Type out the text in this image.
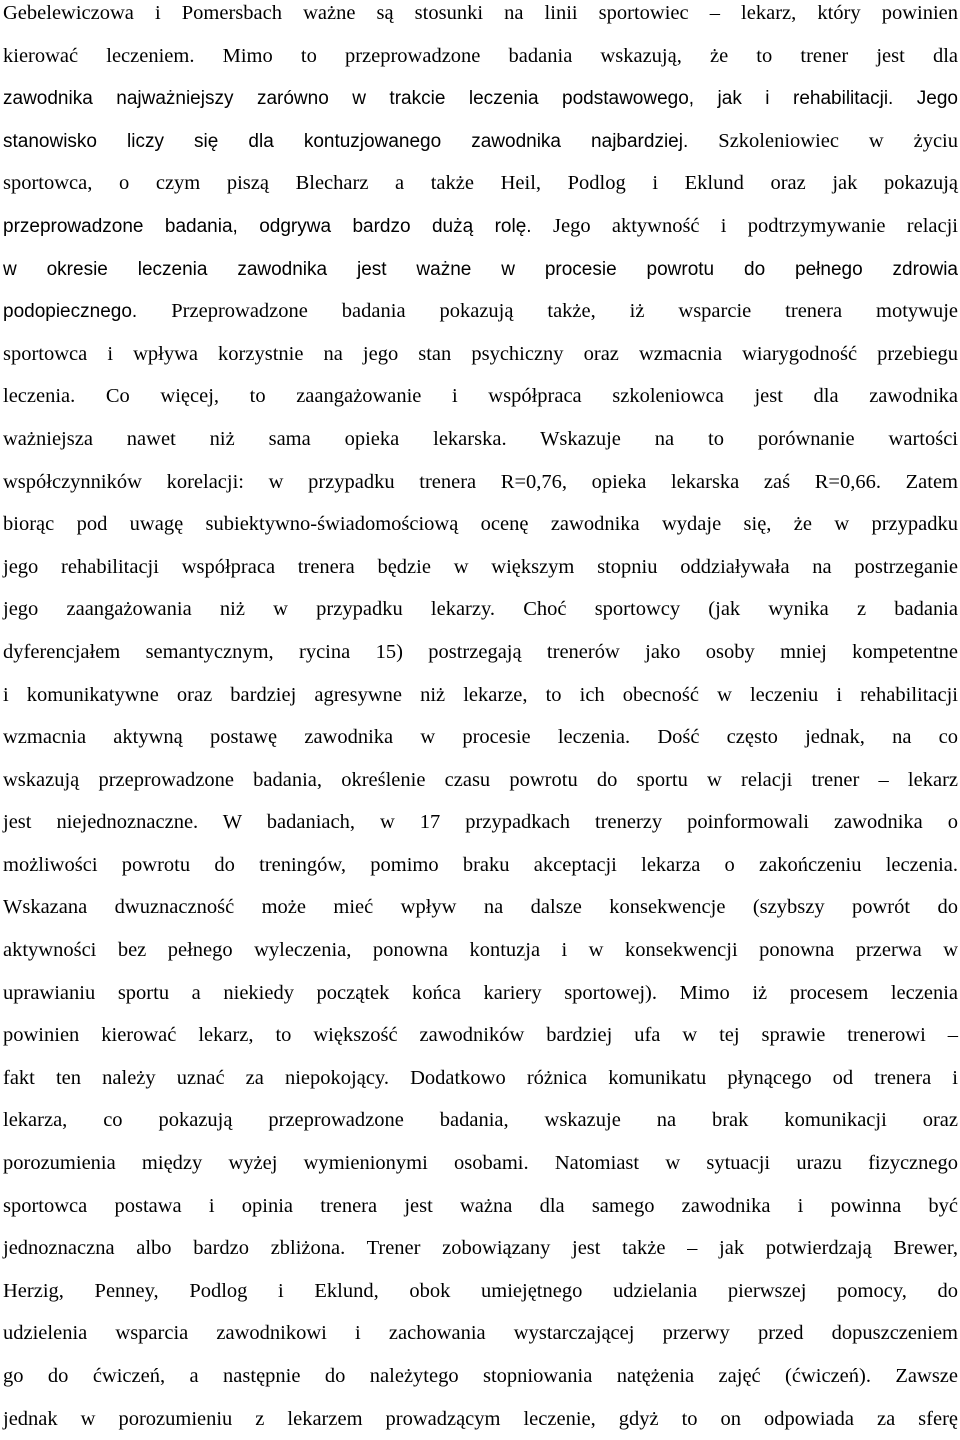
Gebelewiczowa i Pomersbach ważne są stosunki na linii sportowiec – lekarz, który powinien
kierować leczeniem. Mimo to przeprowadzone badania wskazują, że to trener jest dla
zawodnika najważniejszy zarówno w trakcie leczenia podstawowego, jak i rehabilitacji. Jego
stanowisko liczy się dla kontuzjowanego zawodnika najbardziej. Szkoleniowiec w życiu
sportowca, o czym piszą Blecharz a także Heil, Podlog i Eklund oraz jak pokazują
przeprowadzone badania, odgrywa bardzo dużą rolę. Jego aktywność i podtrzymywanie relacji
w okresie leczenia zawodnika jest ważne w procesie powrotu do pełnego zdrowia
podopiecznego. Przeprowadzone badania pokazują także, iż wsparcie trenera motywuje
sportowca i wpływa korzystnie na jego stan psychiczny oraz wzmacnia wiarygodność przebiegu
leczenia. Co więcej, to zaangażowanie i współpraca szkoleniowca jest dla zawodnika
ważniejsza nawet niż sama opieka lekarska. Wskazuje na to porównanie wartości
współczynników korelacji: w przypadku trenera R=0,76, opieka lekarska zaś R=0,66. Zatem
biorąc pod uwagę subiektywno-świadomościową ocenę zawodnika wydaje się, że w przypadku
jego rehabilitacji współpraca trenera będzie w większym stopniu oddziaływała na postrzeganie
jego zaangażowania niż w przypadku lekarzy. Choć sportowcy (jak wynika z badania
dyferencjałem semantycznym, rycina 15) postrzegają trenerów jako osoby mniej kompetentne
i komunikatywne oraz bardziej agresywne niż lekarze, to ich obecność w leczeniu i rehabilitacji
wzmacnia aktywną postawę zawodnika w procesie leczenia. Dość często jednak, na co
wskazują przeprowadzone badania, określenie czasu powrotu do sportu w relacji trener – lekarz
jest niejednoznaczne. W badaniach, w 17 przypadkach trenerzy poinformowali zawodnika o
możliwości powrotu do treningów, pomimo braku akceptacji lekarza o zakończeniu leczenia.
Wskazana dwuznaczność może mieć wpływ na dalsze konsekwencje (szybszy powrót do
aktywności bez pełnego wyleczenia, ponowna kontuzja i w konsekwencji ponowna przerwa w
uprawianiu sportu a niekiedy początek końca kariery sportowej). Mimo iż procesem leczenia
powinien kierować lekarz, to większość zawodników bardziej ufa w tej sprawie trenerowi –
fakt ten należy uznać za niepokojący. Dodatkowo różnica komunikatu płynącego od trenera i
lekarza, co pokazują przeprowadzone badania, wskazuje na brak komunikacji oraz
porozumienia między wyżej wymienionymi osobami. Natomiast w sytuacji urazu fizycznego
sportowca postawa i opinia trenera jest ważna dla samego zawodnika i powinna być
jednoznaczna albo bardzo zbliżona. Trener zobowiązany jest także – jak potwierdzają Brewer,
Herzig, Penney, Podlog i Eklund, obok umiejętnego udzielania pierwszej pomocy, do
udzielenia wsparcia zawodnikowi i zachowania wystarczającej przerwy przed dopuszczeniem
go do ćwiczeń, a następnie do należytego stopniowania natężenia zajęć (ćwiczeń). Zawsze
jednak w porozumieniu z lekarzem prowadzącym leczenie, gdyż to on odpowiada za sferę
